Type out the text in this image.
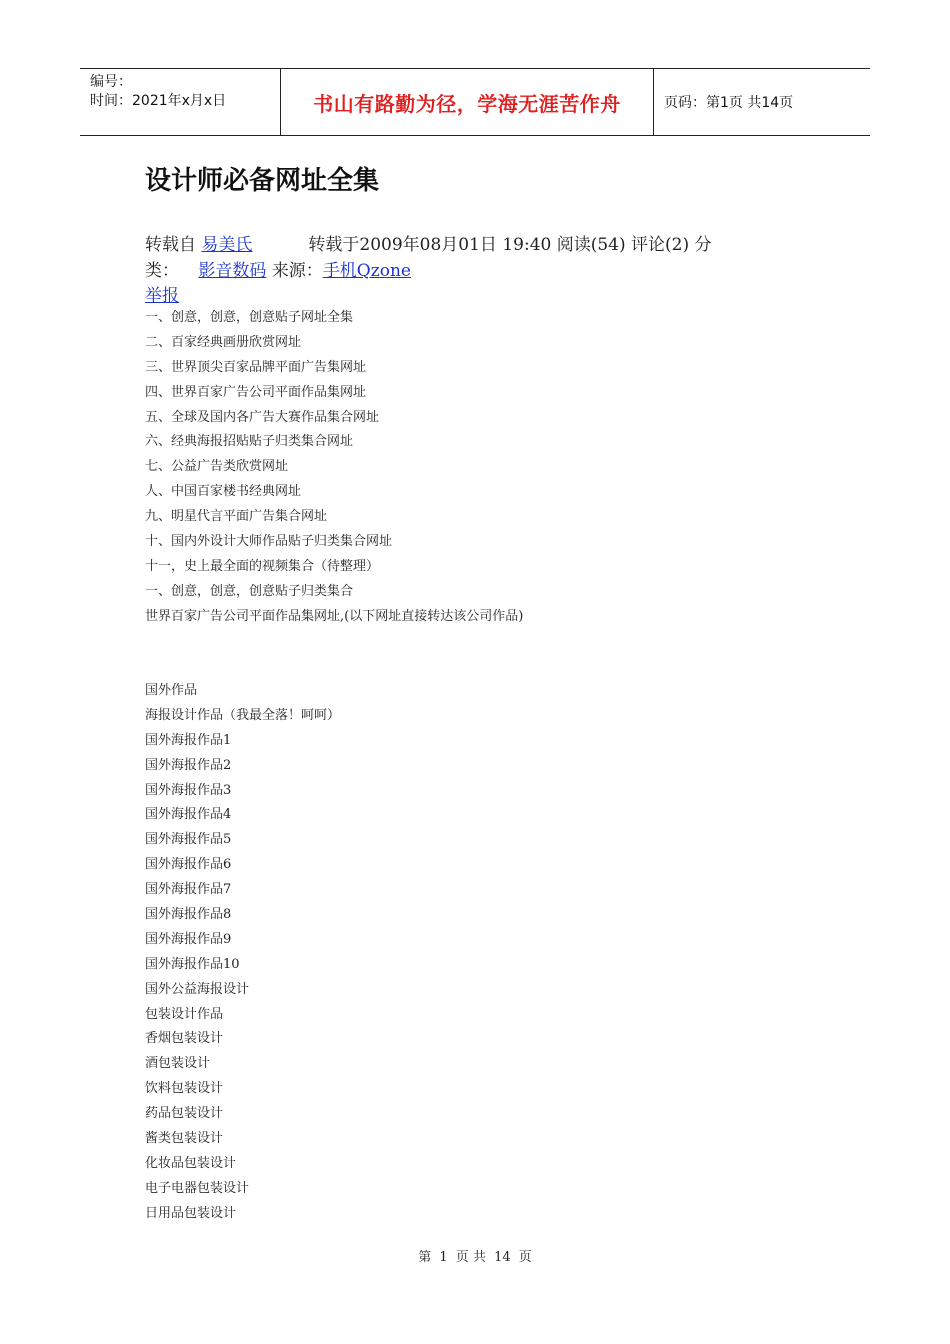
编号：
时间：2021年x月x日	书山有路勤为径，学海无涯苦作舟	页码：第1页 共14页
设计师必备网址全集
转载自 易美氏	转载于2009年08月01日 19:40 阅读(54) 评论(2) 分
类： 影音数码 来源：手机Qzone
举报
一、创意，创意，创意贴子网址全集
二、百家经典画册欣赏网址
三、世界顶尖百家品牌平面广告集网址
四、世界百家广告公司平面作品集网址
五、全球及国内各广告大赛作品集合网址
六、经典海报招贴贴子归类集合网址
七、公益广告类欣赏网址
人、中国百家楼书经典网址
九、明星代言平面广告集合网址
十、国内外设计大师作品贴子归类集合网址
十一，史上最全面的视频集合（待整理）
一、创意，创意，创意贴子归类集合
世界百家广告公司平面作品集网址,(以下网址直接转达该公司作品)
国外作品
海报设计作品（我最全落！呵呵）
国外海报作品1
国外海报作品2
国外海报作品3
国外海报作品4
国外海报作品5
国外海报作品6
国外海报作品7
国外海报作品8
国外海报作品9
国外海报作品10
国外公益海报设计
包装设计作品
香烟包装设计
酒包装设计
饮料包装设计
药品包装设计
酱类包装设计
化妆品包装设计
电子电器包装设计
日用品包装设计
第 1 页 共 14 页
